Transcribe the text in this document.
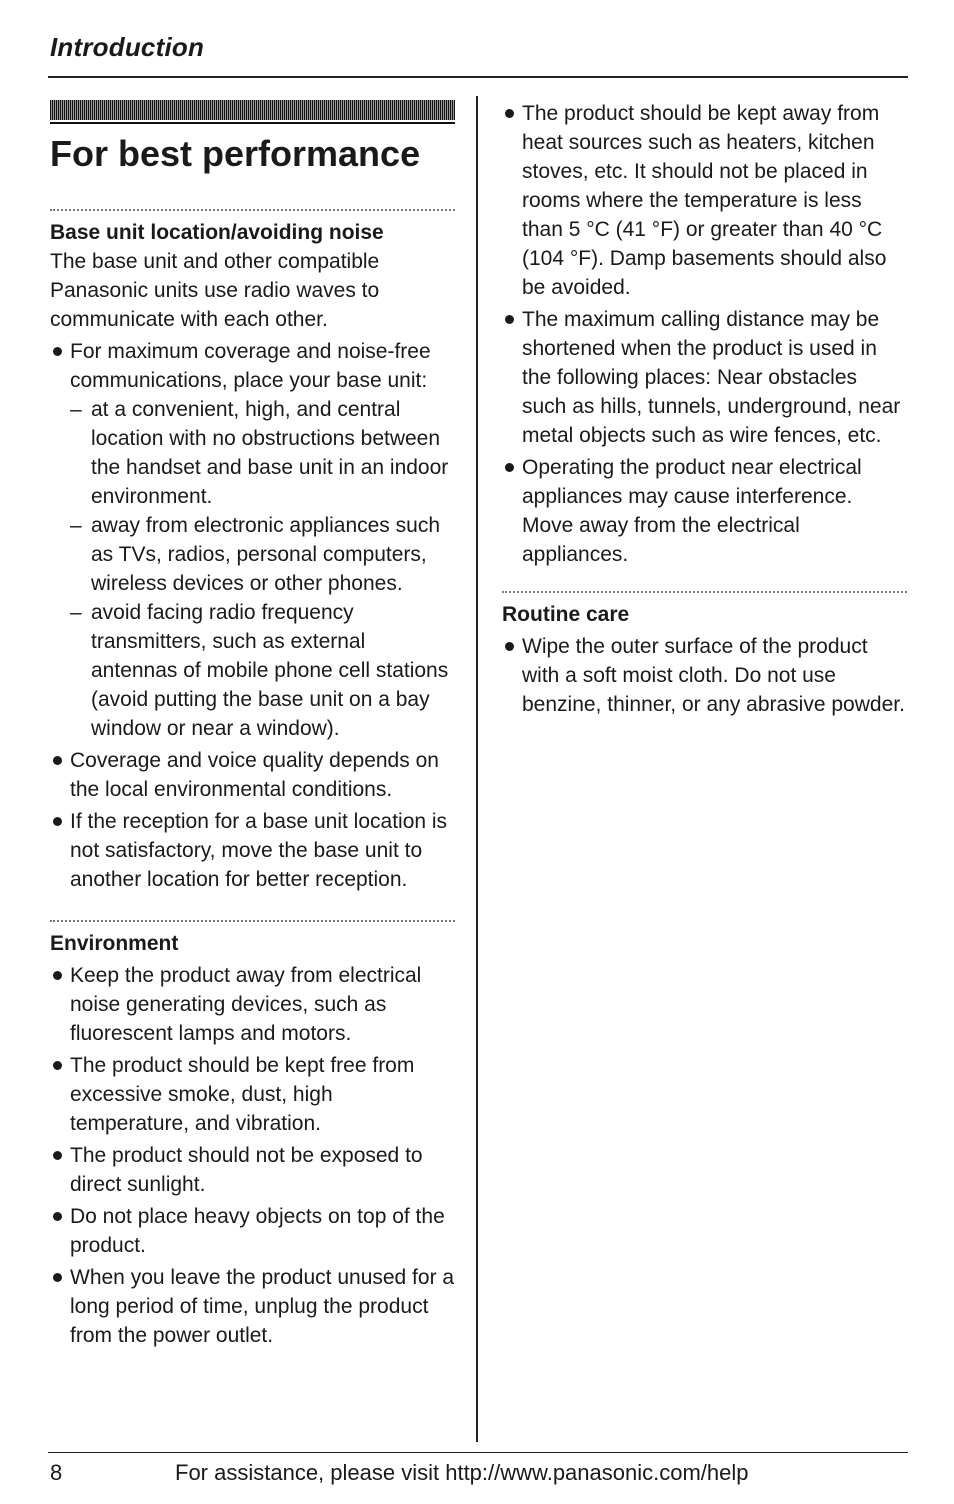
Introduction
For best performance
Base unit location/avoiding noise

The base unit and other compatible Panasonic units use radio waves to communicate with each other.

For maximum coverage and noise-free communications, place your base unit:
– at a convenient, high, and central location with no obstructions between the handset and base unit in an indoor environment.
– away from electronic appliances such as TVs, radios, personal computers, wireless devices or other phones.
– avoid facing radio frequency transmitters, such as external antennas of mobile phone cell stations (avoid putting the base unit on a bay window or near a window).
Coverage and voice quality depends on the local environmental conditions.
If the reception for a base unit location is not satisfactory, move the base unit to another location for better reception.
Environment
Keep the product away from electrical noise generating devices, such as fluorescent lamps and motors.
The product should be kept free from excessive smoke, dust, high temperature, and vibration.
The product should not be exposed to direct sunlight.
Do not place heavy objects on top of the product.
When you leave the product unused for a long period of time, unplug the product from the power outlet.
The product should be kept away from heat sources such as heaters, kitchen stoves, etc. It should not be placed in rooms where the temperature is less than 5 °C (41 °F) or greater than 40 °C (104 °F). Damp basements should also be avoided.
The maximum calling distance may be shortened when the product is used in the following places: Near obstacles such as hills, tunnels, underground, near metal objects such as wire fences, etc.
Operating the product near electrical appliances may cause interference. Move away from the electrical appliances.
Routine care
Wipe the outer surface of the product with a soft moist cloth. Do not use benzine, thinner, or any abrasive powder.
8	For assistance, please visit http://www.panasonic.com/help
